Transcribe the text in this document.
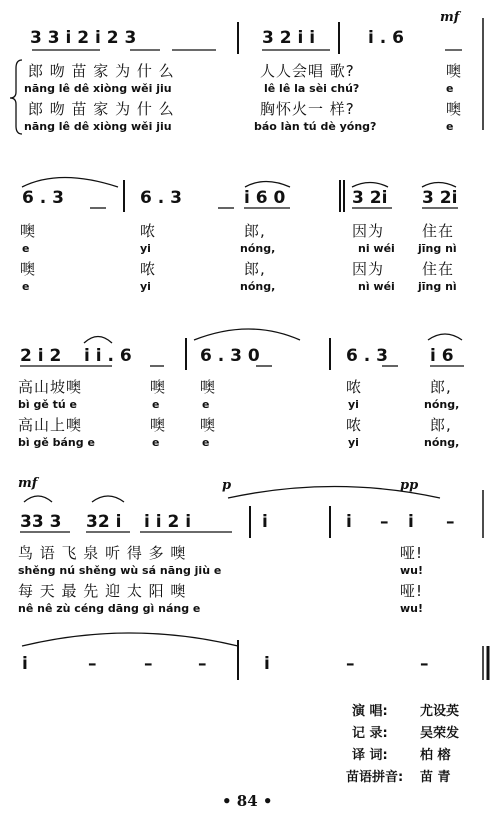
mf
mf	p	pp
3 3 i 2 i 2 3	3 2 i i	i . 6
郎 吻 苗 家 为 什 么	人人会唱 歌?	噢
nāng lê dê xiòng wěi jiu	lê lê la sèi chú?	e
郎 吻 苗 家 为 什 么	胸怀火一 样?	噢
nāng lê dê xiòng wěi jiu	báo làn tú dè yóng?	e
6 . 3	6 . 3	i 6 0	3 2i 3 2i
噢	哝	郎,	因为	住在
e	yi	nóng,	ni wéi jīng nì
噢	哝	郎,	因为	住在
e	yi	nóng,	nì wéi jīng nì
2 i 2 i i . 6	6 . 3 0	6 . 3 i 6
高山坡噢	噢 噢	哝	郎,
bì gě tú e	e	e	yi	nóng,
高山上噢	噢 噢	哝	郎,
bì gě báng e	e	e	yi	nóng,
33 3 32 i i i 2 i	i	i – i –
鸟 语 飞 泉 听 得 多 噢	哑!
shěng nú shěng wù sá nāng jiù e	wu!
每 天 最 先 迎 太 阳 噢	哑!
nê nê zù céng dāng gì náng e	wu!
i	–	–	–	i	–	–
演 唱: 尤设英
记 录: 吴荣发
译 词: 柏 榕
苗语拼音: 苗 青
• 84 •
